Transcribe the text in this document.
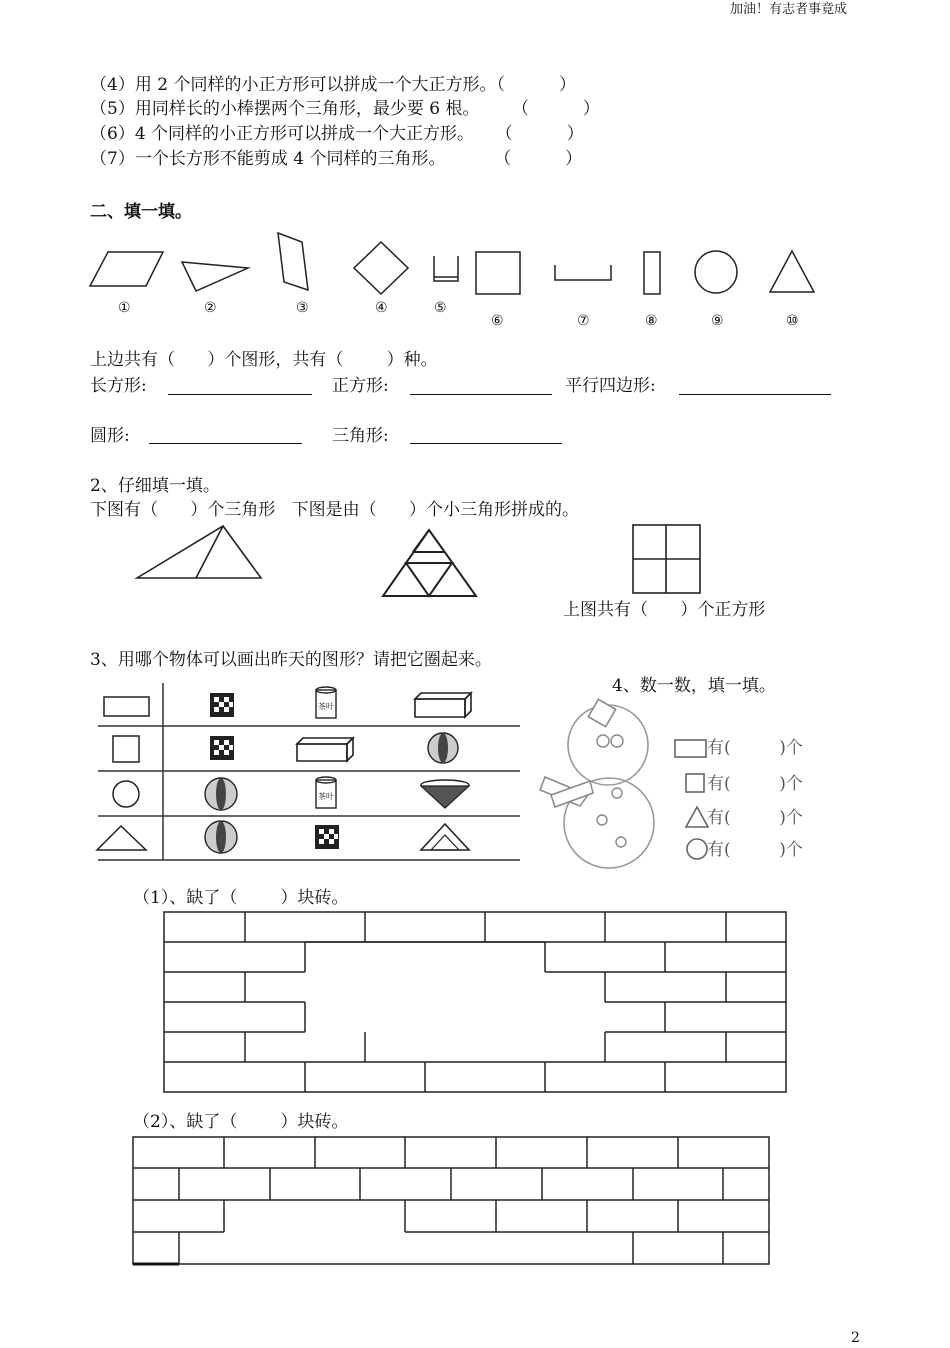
加油！有志者事竟成
（4）用 2 个同样的小正方形可以拼成一个大正方形。（          ）
（5）用同样长的小棒摆两个三角形，最少要 6 根。      （          ）
（6）4 个同样的小正方形可以拼成一个大正方形。    （          ）
（7）一个长方形不能剪成 4 个同样的三角形。         （          ）
二、填一填。
①	②	③	④	⑤
⑥	⑦	⑧	⑨	⑩
上边共有（      ）个图形，共有（        ）种。
长方形:	正方形:	平行四边形:
圆形:	三角形:
2、仔细填一填。
下图有（      ）个三角形   下图是由（      ）个小三角形拼成的。
上图共有（      ）个正方形
3、用哪个物体可以画出昨天的图形？请把它圈起来。
茶叶
茶叶
4、数一数，填一填。
有(         )个
有(         )个
有(         )个
有(         )个
（1）、缺了（        ）块砖。
（2）、缺了（        ）块砖。
2
